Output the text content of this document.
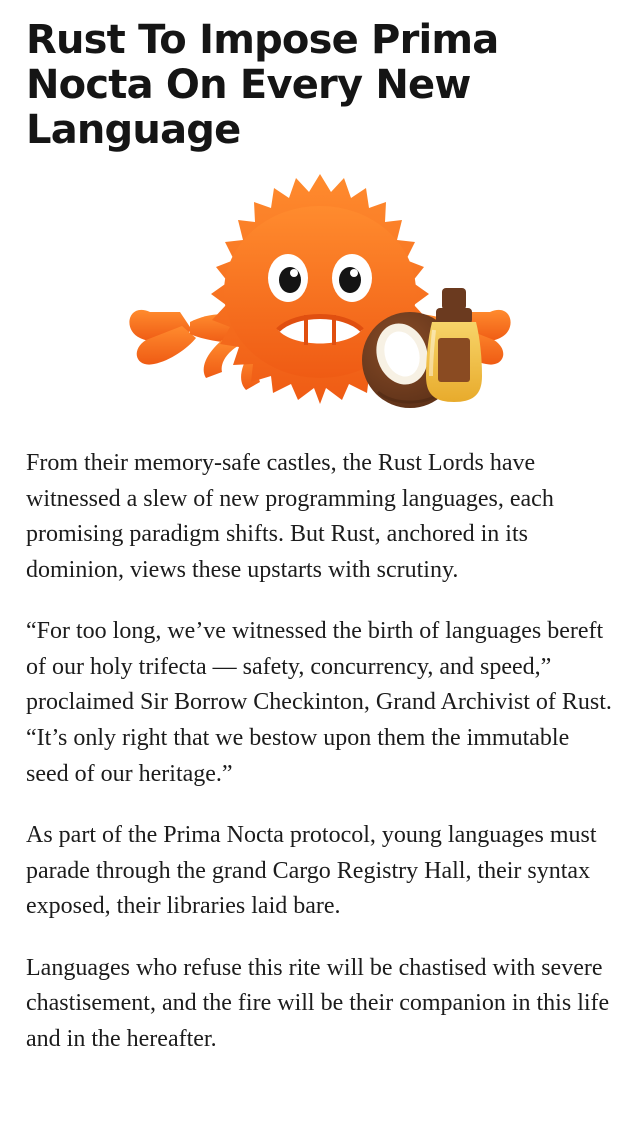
Rust To Impose Prima Nocta On Every New Language

From their memory-safe castles, the Rust Lords have witnessed a slew of new programming languages, each promising paradigm shifts. But Rust, anchored in its dominion, views these upstarts with scrutiny.

“For too long, we’ve witnessed the birth of languages bereft of our holy trifecta — safety, concurrency, and speed,” proclaimed Sir Borrow Checkinton, Grand Archivist of Rust. “It’s only right that we bestow upon them the immutable seed of our heritage.”

As part of the Prima Nocta protocol, young languages must parade through the grand Cargo Registry Hall, their syntax exposed, their libraries laid bare.

Languages who refuse this rite will be chastised with severe chastisement, and the fire will be their companion in this life and in the hereafter.
